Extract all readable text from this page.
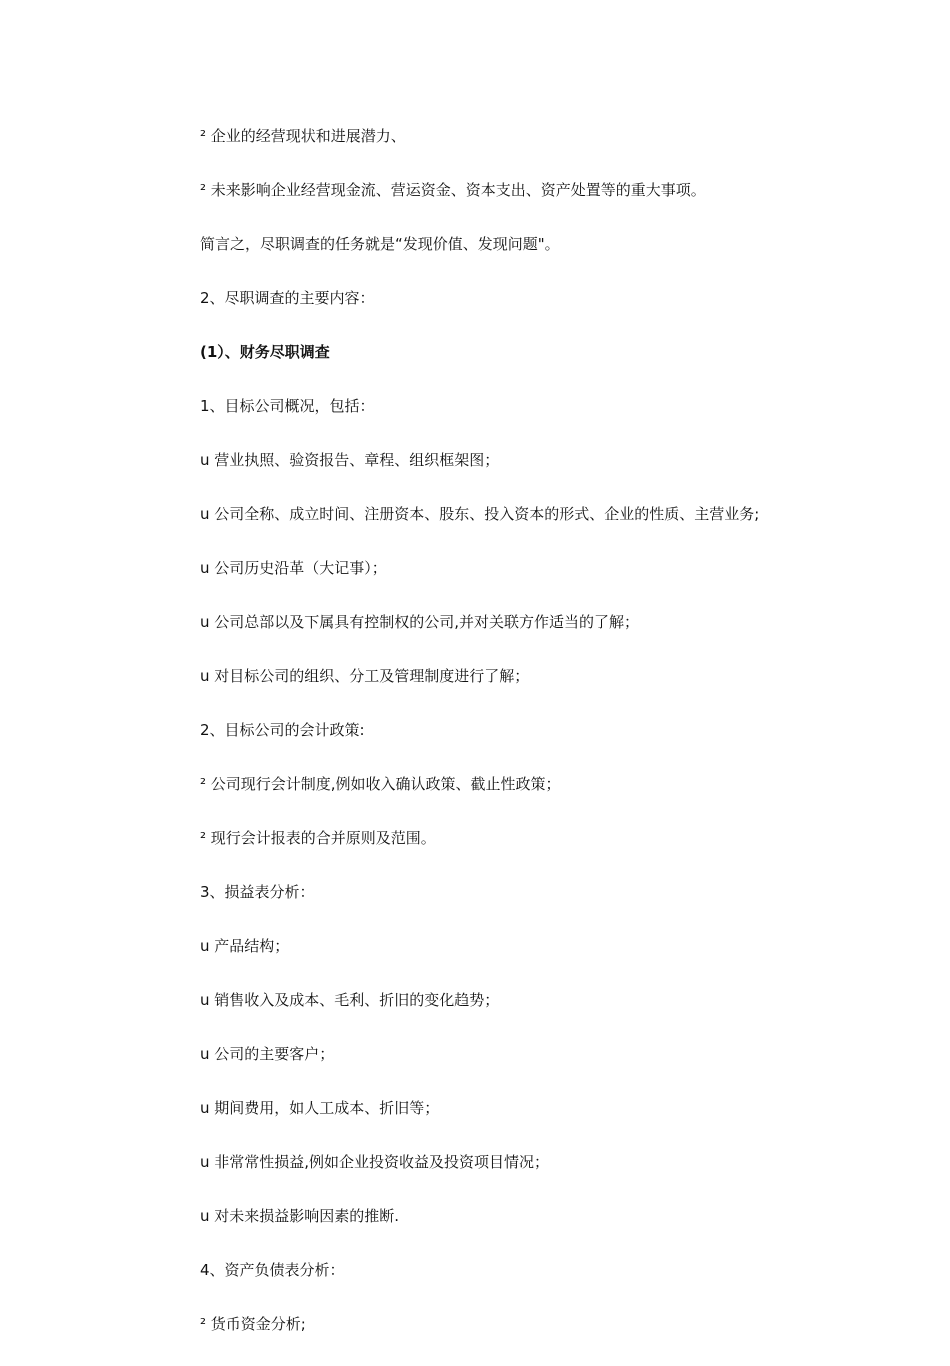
² 企业的经营现状和进展潜力、

² 未来影响企业经营现金流、营运资金、资本支出、资产处置等的重大事项。

简言之，尽职调查的任务就是“发现价值、发现问题"。

2、尽职调查的主要内容：

(1）、财务尽职调查

1、目标公司概况，包括：

u 营业执照、验资报告、章程、组织框架图；

u 公司全称、成立时间、注册资本、股东、投入资本的形式、企业的性质、主营业务;

u 公司历史沿革（大记事）；

u 公司总部以及下属具有控制权的公司,并对关联方作适当的了解；

u 对目标公司的组织、分工及管理制度进行了解；

2、目标公司的会计政策:

² 公司现行会计制度,例如收入确认政策、截止性政策；

² 现行会计报表的合并原则及范围。

3、损益表分析：

u 产品结构；

u 销售收入及成本、毛利、折旧的变化趋势；

u 公司的主要客户；

u 期间费用，如人工成本、折旧等；

u 非常常性损益,例如企业投资收益及投资项目情况；

u 对未来损益影响因素的推断.

4、资产负债表分析：

² 货币资金分析;
